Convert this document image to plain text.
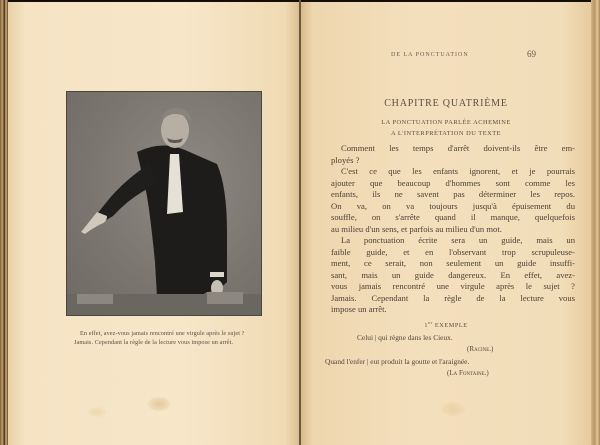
En effet, avez-vous jamais rencontré une virgule après le sujet ?
Jamais. Cependant la règle de la lecture vous impose un arrêt.
DE LA PONCTUATION	69
CHAPITRE QUATRIÈME
LA PONCTUATION PARLÉE ACHEMINE
A L'INTERPRÉTATION DU TEXTE
Comment les temps d'arrêt doivent-ils être em-
ployés ?
C'est ce que les enfants ignorent, et je pourrais
ajouter que beaucoup d'hommes sont comme les
enfants, ils ne savent pas déterminer les repos.
On va, on va toujours jusqu'à épuisement du
souffle, on s'arrête quand il manque, quelquefois
au milieu d'un sens, et parfois au milieu d'un mot.
La ponctuation écrite sera un guide, mais un
faible guide, et en l'observant trop scrupuleuse-
ment, ce serait, non seulement un guide insuffi-
sant, mais un guide dangereux. En effet, avez-
vous jamais rencontré une virgule après le sujet ?
Jamais. Cependant la règle de la lecture vous
impose un arrêt.
1er EXEMPLE
Celui | qui règne dans les Cieux.
(Racine.)
Quand l'enfer | eut produit la goutte et l'araignée.
(La Fontaine.)
